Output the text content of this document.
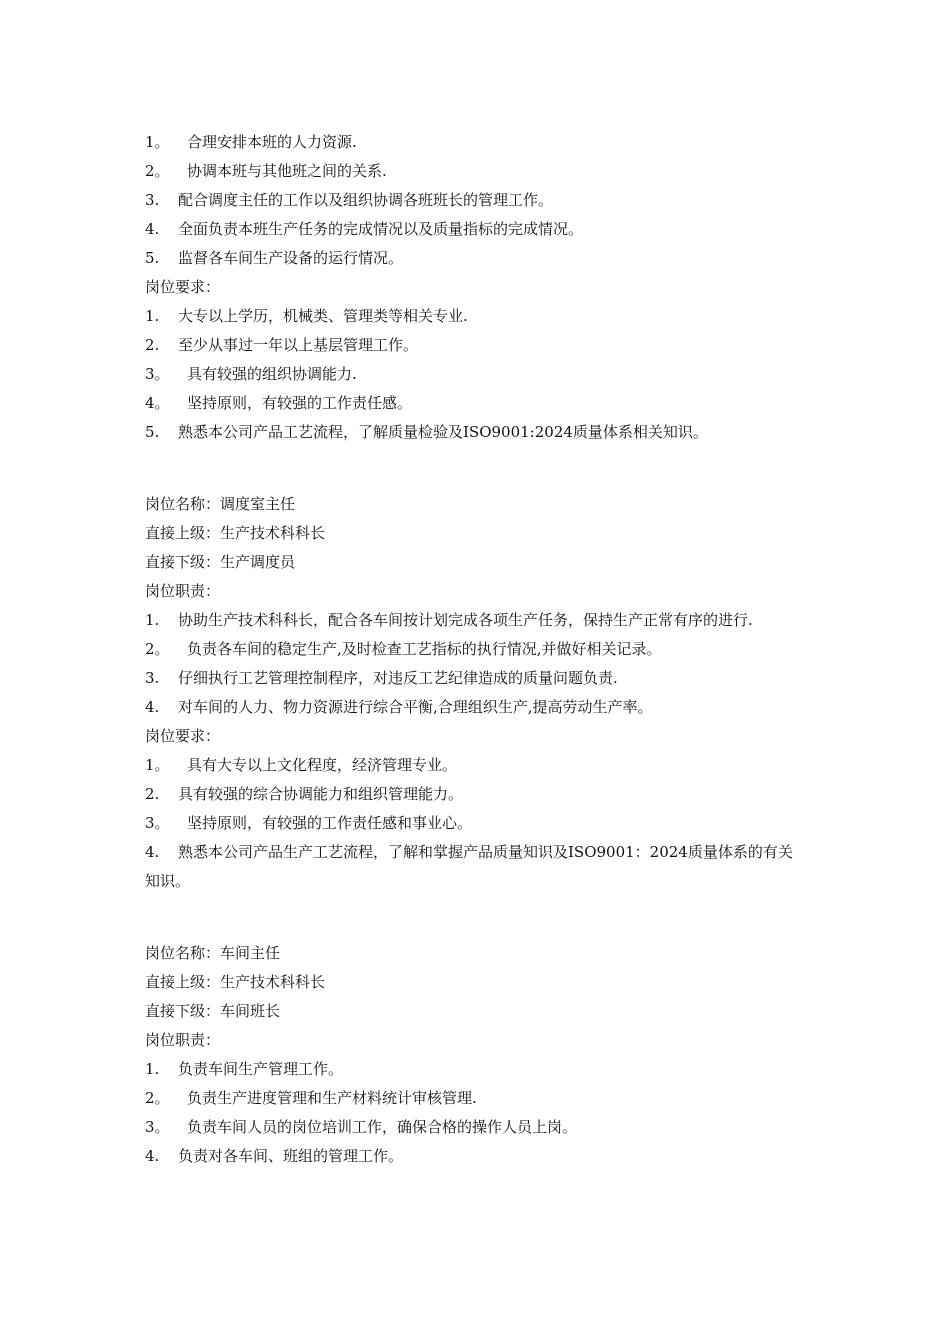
1。 合理安排本班的人力资源.
2。 协调本班与其他班之间的关系.
3. 配合调度主任的工作以及组织协调各班班长的管理工作。
4. 全面负责本班生产任务的完成情况以及质量指标的完成情况。
5. 监督各车间生产设备的运行情况。
岗位要求：
1. 大专以上学历，机械类、管理类等相关专业.
2. 至少从事过一年以上基层管理工作。
3。 具有较强的组织协调能力.
4。 坚持原则，有较强的工作责任感。
5. 熟悉本公司产品工艺流程，了解质量检验及ISO9001:2024质量体系相关知识。
岗位名称：调度室主任
直接上级：生产技术科科长
直接下级：生产调度员
岗位职责：
1. 协助生产技术科科长，配合各车间按计划完成各项生产任务，保持生产正常有序的进行.
2。 负责各车间的稳定生产,及时检查工艺指标的执行情况,并做好相关记录。
3. 仔细执行工艺管理控制程序，对违反工艺纪律造成的质量问题负责.
4. 对车间的人力、物力资源进行综合平衡,合理组织生产,提高劳动生产率。
岗位要求：
1。 具有大专以上文化程度，经济管理专业。
2. 具有较强的综合协调能力和组织管理能力。
3。 坚持原则，有较强的工作责任感和事业心。
4. 熟悉本公司产品生产工艺流程，了解和掌握产品质量知识及ISO9001：2024质量体系的有关知识。
岗位名称：车间主任
直接上级：生产技术科科长
直接下级：车间班长
岗位职责：
1. 负责车间生产管理工作。
2。 负责生产进度管理和生产材料统计审核管理.
3。 负责车间人员的岗位培训工作，确保合格的操作人员上岗。
4. 负责对各车间、班组的管理工作。
